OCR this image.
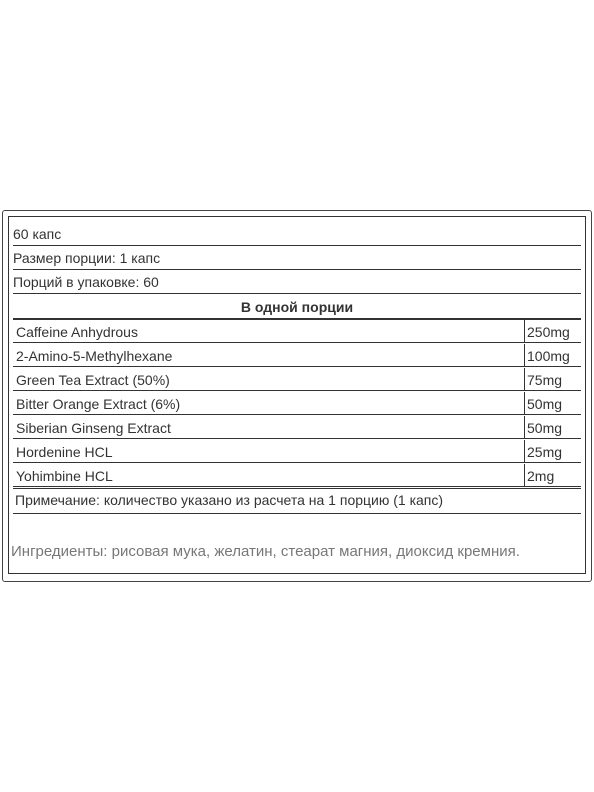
60 капс
Размер порции: 1 капс
Порций в упаковке: 60
В одной порции
Caffeine Anhydrous	250mg
2-Amino-5-Methylhexane	100mg
Green Tea Extract (50%)	75mg
Bitter Orange Extract (6%)	50mg
Siberian Ginseng Extract	50mg
Hordenine HCL	25mg
Yohimbine HCL	2mg
Примечание: количество указано из расчета на 1 порцию (1 капс)
Ингредиенты: рисовая мука, желатин, стеарат магния, диоксид кремния.
